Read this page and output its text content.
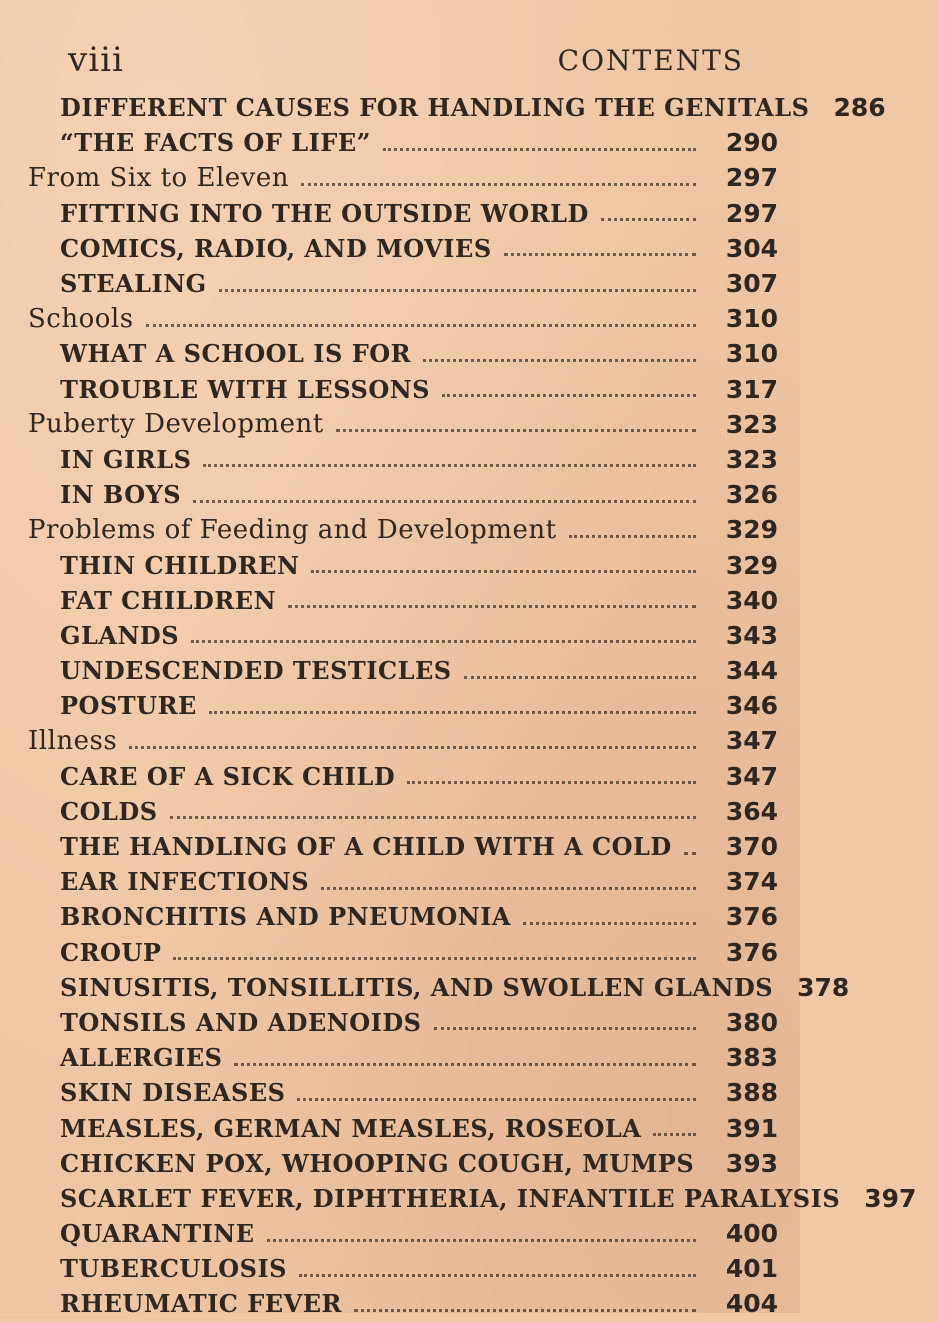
viii	CONTENTS
DIFFERENT CAUSES FOR HANDLING THE GENITALS 286
“THE FACTS OF LIFE”	290
From Six to Eleven	297
FITTING INTO THE OUTSIDE WORLD	297
COMICS, RADIO, AND MOVIES	304
STEALING	307
Schools	310
WHAT A SCHOOL IS FOR	310
TROUBLE WITH LESSONS	317
Puberty Development	323
IN GIRLS	323
IN BOYS	326
Problems of Feeding and Development	329
THIN CHILDREN	329
FAT CHILDREN	340
GLANDS	343
UNDESCENDED TESTICLES	344
POSTURE	346
Illness	347
CARE OF A SICK CHILD	347
COLDS	364
THE HANDLING OF A CHILD WITH A COLD	370
EAR INFECTIONS	374
BRONCHITIS AND PNEUMONIA	376
CROUP	376
SINUSITIS, TONSILLITIS, AND SWOLLEN GLANDS 378
TONSILS AND ADENOIDS	380
ALLERGIES	383
SKIN DISEASES	388
MEASLES, GERMAN MEASLES, ROSEOLA	391
CHICKEN POX, WHOOPING COUGH, MUMPS	393
SCARLET FEVER, DIPHTHERIA, INFANTILE PARALYSIS 397
QUARANTINE	400
TUBERCULOSIS	401
RHEUMATIC FEVER	404
